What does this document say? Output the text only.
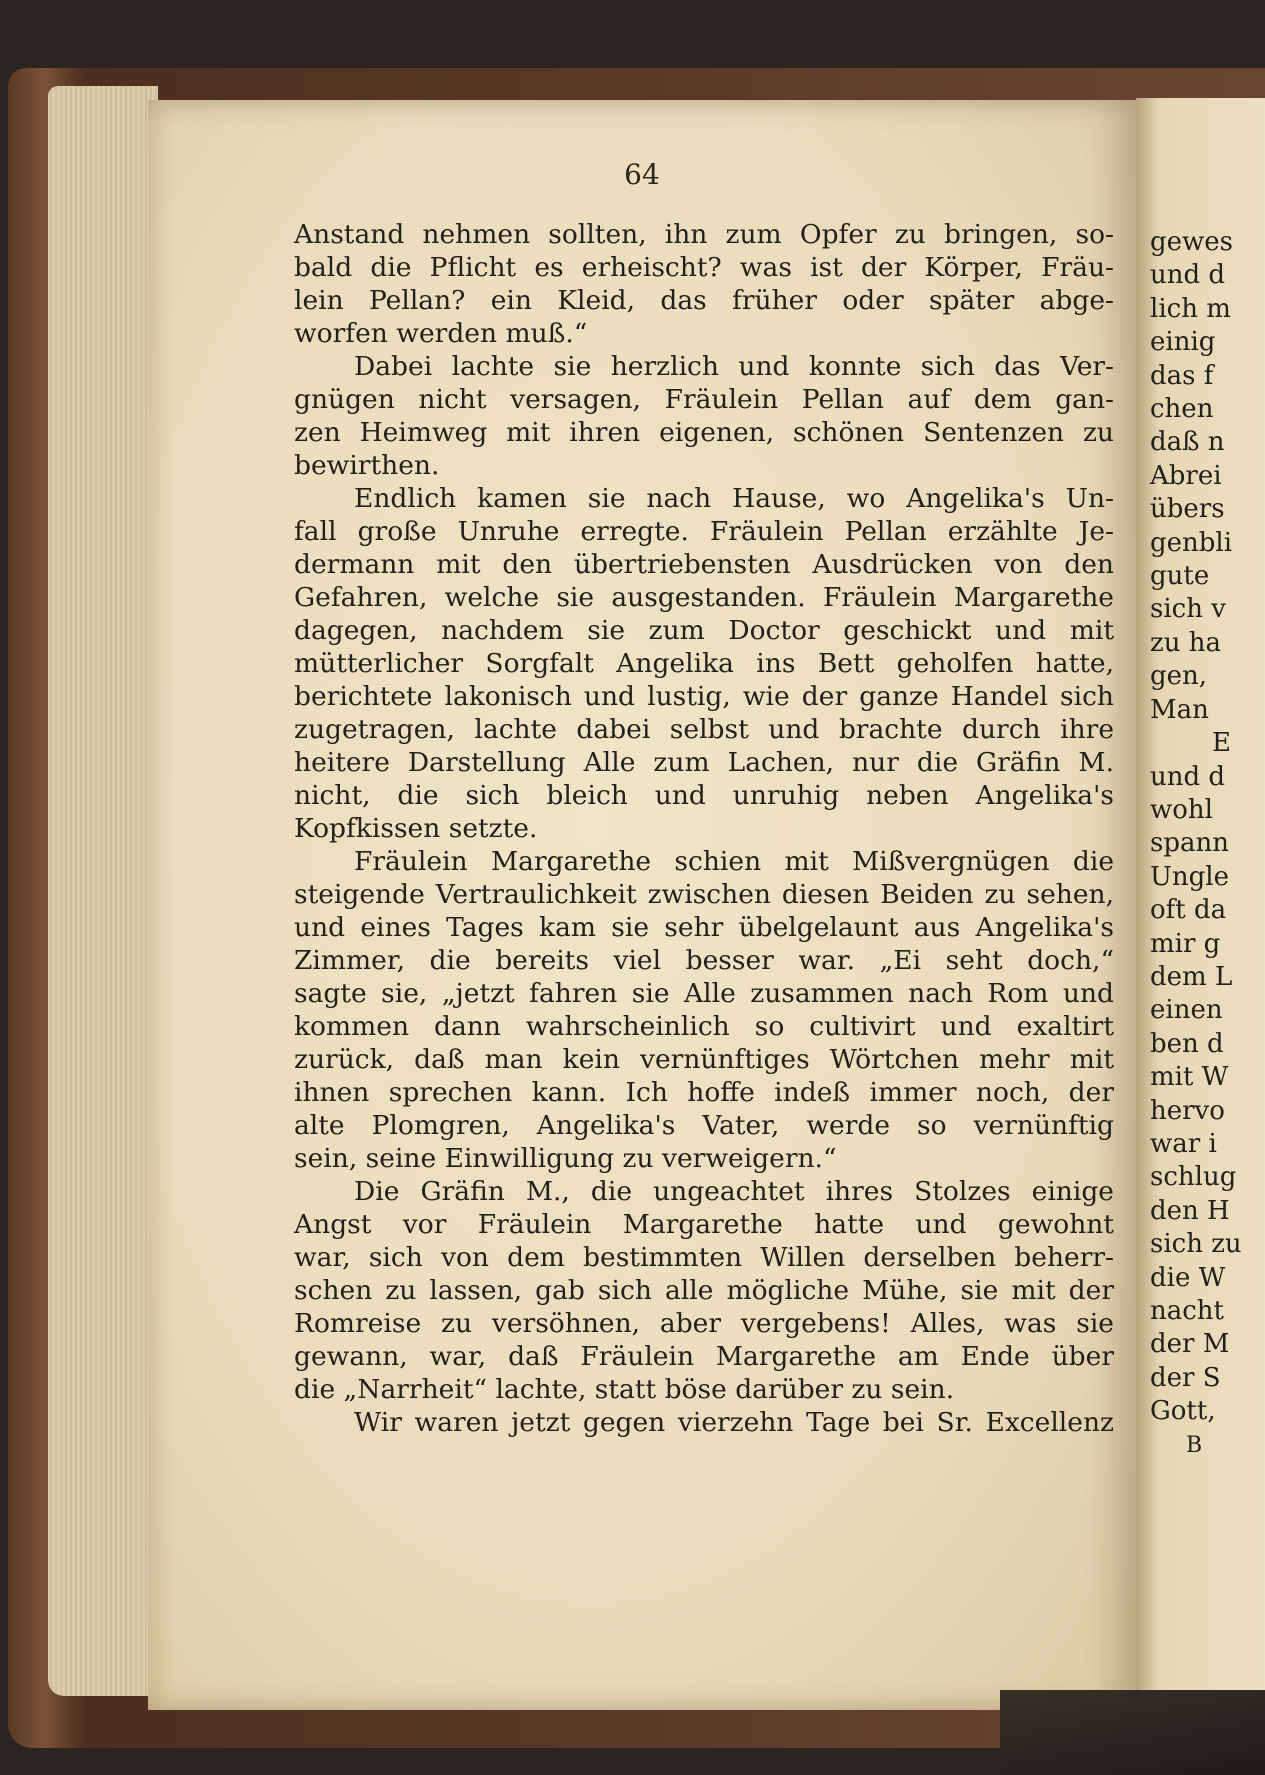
64
Anstand nehmen sollten, ihn zum Opfer zu bringen, so-
bald die Pflicht es erheischt? was ist der Körper, Fräu-
lein Pellan? ein Kleid, das früher oder später abge-
worfen werden muß.“
Dabei lachte sie herzlich und konnte sich das Ver-
gnügen nicht versagen, Fräulein Pellan auf dem gan-
zen Heimweg mit ihren eigenen, schönen Sentenzen zu
bewirthen.
Endlich kamen sie nach Hause, wo Angelika's Un-
fall große Unruhe erregte. Fräulein Pellan erzählte Je-
dermann mit den übertriebensten Ausdrücken von den
Gefahren, welche sie ausgestanden. Fräulein Margarethe
dagegen, nachdem sie zum Doctor geschickt und mit
mütterlicher Sorgfalt Angelika ins Bett geholfen hatte,
berichtete lakonisch und lustig, wie der ganze Handel sich
zugetragen, lachte dabei selbst und brachte durch ihre
heitere Darstellung Alle zum Lachen, nur die Gräfin M.
nicht, die sich bleich und unruhig neben Angelika's
Kopfkissen setzte.
Fräulein Margarethe schien mit Mißvergnügen die
steigende Vertraulichkeit zwischen diesen Beiden zu sehen,
und eines Tages kam sie sehr übelgelaunt aus Angelika's
Zimmer, die bereits viel besser war. „Ei seht doch,“
sagte sie, „jetzt fahren sie Alle zusammen nach Rom und
kommen dann wahrscheinlich so cultivirt und exaltirt
zurück, daß man kein vernünftiges Wörtchen mehr mit
ihnen sprechen kann. Ich hoffe indeß immer noch, der
alte Plomgren, Angelika's Vater, werde so vernünftig
sein, seine Einwilligung zu verweigern.“
Die Gräfin M., die ungeachtet ihres Stolzes einige
Angst vor Fräulein Margarethe hatte und gewohnt
war, sich von dem bestimmten Willen derselben beherr-
schen zu lassen, gab sich alle mögliche Mühe, sie mit der
Romreise zu versöhnen, aber vergebens! Alles, was sie
gewann, war, daß Fräulein Margarethe am Ende über
die „Narrheit“ lachte, statt böse darüber zu sein.
Wir waren jetzt gegen vierzehn Tage bei Sr. Excellenz
gewes
und d
lich m
einig
das f
chen
daß n
Abrei
übers
genbli
gute
sich v
zu ha
gen,
Man
E
und d
wohl
spann
Ungle
oft da
mir g
dem L
einen
ben d
mit W
hervo
war i
schlug
den H
sich zu
die W
nacht
der M
der S
Gott,
B
